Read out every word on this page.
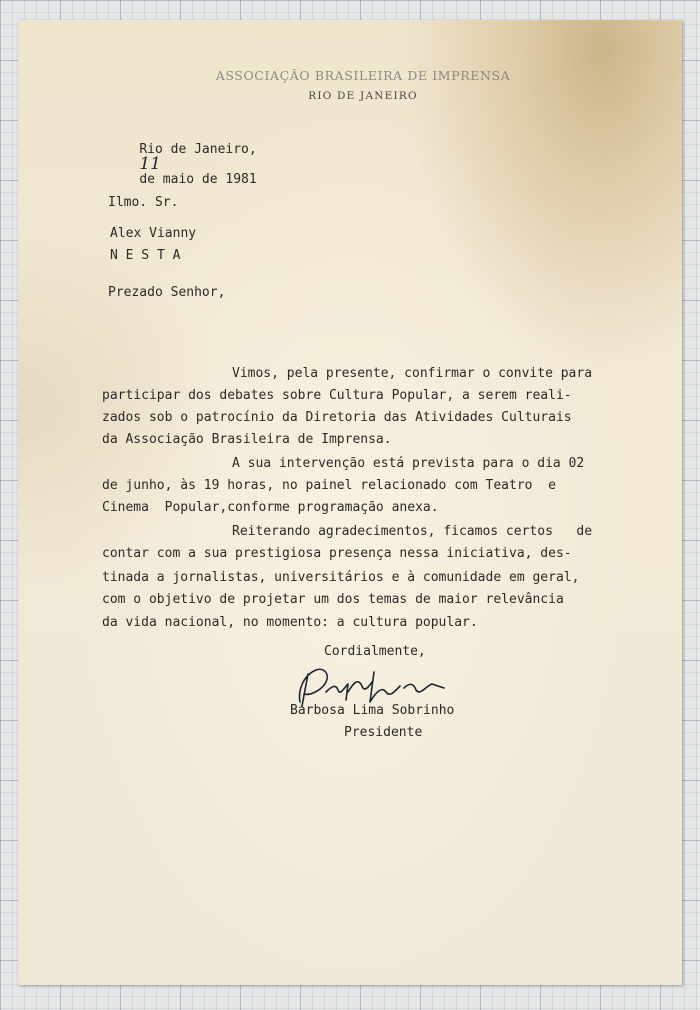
ASSOCIAÇÃO BRASILEIRA DE IMPRENSA
RIO DE JANEIRO

Rio de Janeiro,
11
de maio de 1981

Ilmo. Sr.
Alex Vianny
N E S T A
Prezado Senhor,
Vimos, pela presente, confirmar o convite para
participar dos debates sobre Cultura Popular, a serem reali-
zados sob o patrocínio da Diretoria das Atividades Culturais
da Associação Brasileira de Imprensa.
A sua intervenção está prevista para o dia 02
de junho, às 19 horas, no painel relacionado com Teatro  e
Cinema  Popular,conforme programação anexa.
Reiterando agradecimentos, ficamos certos   de
contar com a sua prestigiosa presença nessa iniciativa, des-
tinada a jornalistas, universitários e à comunidade em geral,
com o objetivo de projetar um dos temas de maior relevância
da vida nacional, no momento: a cultura popular.
Cordialmente,
Barbosa Lima Sobrinho
Presidente
